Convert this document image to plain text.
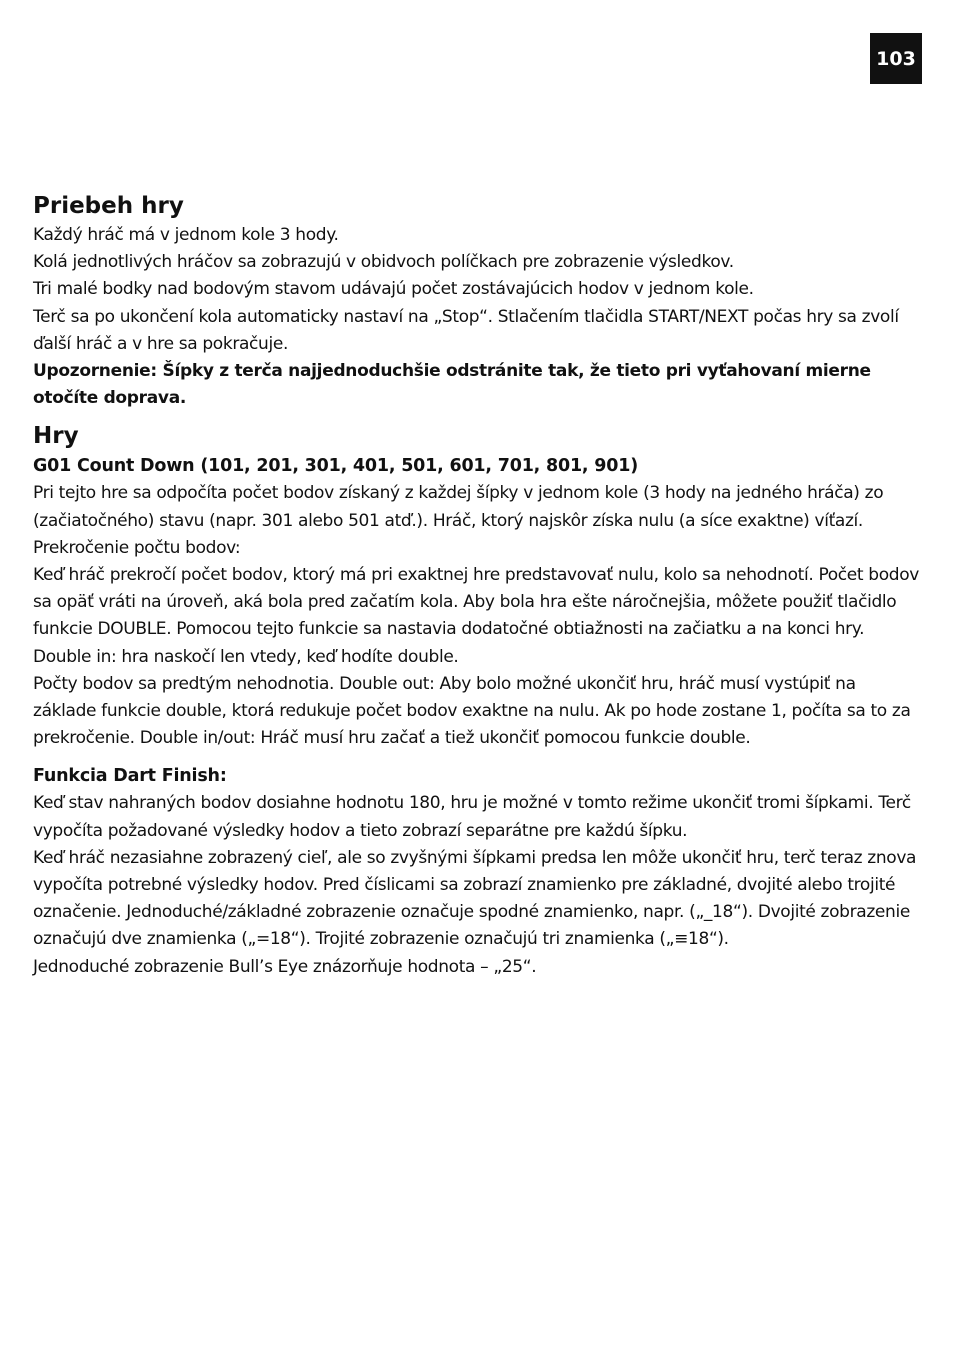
103
Priebeh hry

Každý hráč má v jednom kole 3 hody.

Kolá jednotlivých hráčov sa zobrazujú v obidvoch políčkach pre zobrazenie výsledkov.

Tri malé bodky nad bodovým stavom udávajú počet zostávajúcich hodov v jednom kole.

Terč sa po ukončení kola automaticky nastaví na „Stop“. Stlačením tlačidla START/NEXT počas hry sa zvolí ďalší hráč a v hre sa pokračuje.

Upozornenie: Šípky z terča najjednoduchšie odstránite tak, že tieto pri vyťahovaní mierne otočíte doprava.

Hry
G01 Count Down (101, 201, 301, 401, 501, 601, 701, 801, 901)

Pri tejto hre sa odpočíta počet bodov získaný z každej šípky v jednom kole (3 hody na jedného hráča) zo (začiatočného) stavu (napr. 301 alebo 501 atď.). Hráč, ktorý najskôr získa nulu (a síce exaktne) víťazí.

Prekročenie počtu bodov:

Keď hráč prekročí počet bodov, ktorý má pri exaktnej hre predstavovať nulu, kolo sa nehodnotí. Počet bodov sa opäť vráti na úroveň, aká bola pred začatím kola. Aby bola hra ešte náročnejšia, môžete použiť tlačidlo funkcie DOUBLE. Pomocou tejto funkcie sa nastavia dodatočné obtiažnosti na začiatku a na konci hry. Double in: hra naskočí len vtedy, keď hodíte double.

Počty bodov sa predtým nehodnotia. Double out: Aby bolo možné ukončiť hru, hráč musí vystúpiť na základe funkcie double, ktorá redukuje počet bodov exaktne na nulu. Ak po hode zostane 1, počíta sa to za prekročenie. Double in/out: Hráč musí hru začať a tiež ukončiť pomocou funkcie double.

Funkcia Dart Finish:

Keď stav nahraných bodov dosiahne hodnotu 180, hru je možné v tomto režime ukončiť tromi šípkami. Terč vypočíta požadované výsledky hodov a tieto zobrazí separátne pre každú šípku.

Keď hráč nezasiahne zobrazený cieľ, ale so zvyšnými šípkami predsa len môže ukončiť hru, terč teraz znova vypočíta potrebné výsledky hodov. Pred číslicami sa zobrazí znamienko pre základné, dvojité alebo trojité označenie. Jednoduché/základné zobrazenie označuje spodné znamienko, napr. („_18“). Dvojité zobrazenie označujú dve znamienka („=18“). Trojité zobrazenie označujú tri znamienka („≡18“).

Jednoduché zobrazenie Bull’s Eye znázorňuje hodnota – „25“.
